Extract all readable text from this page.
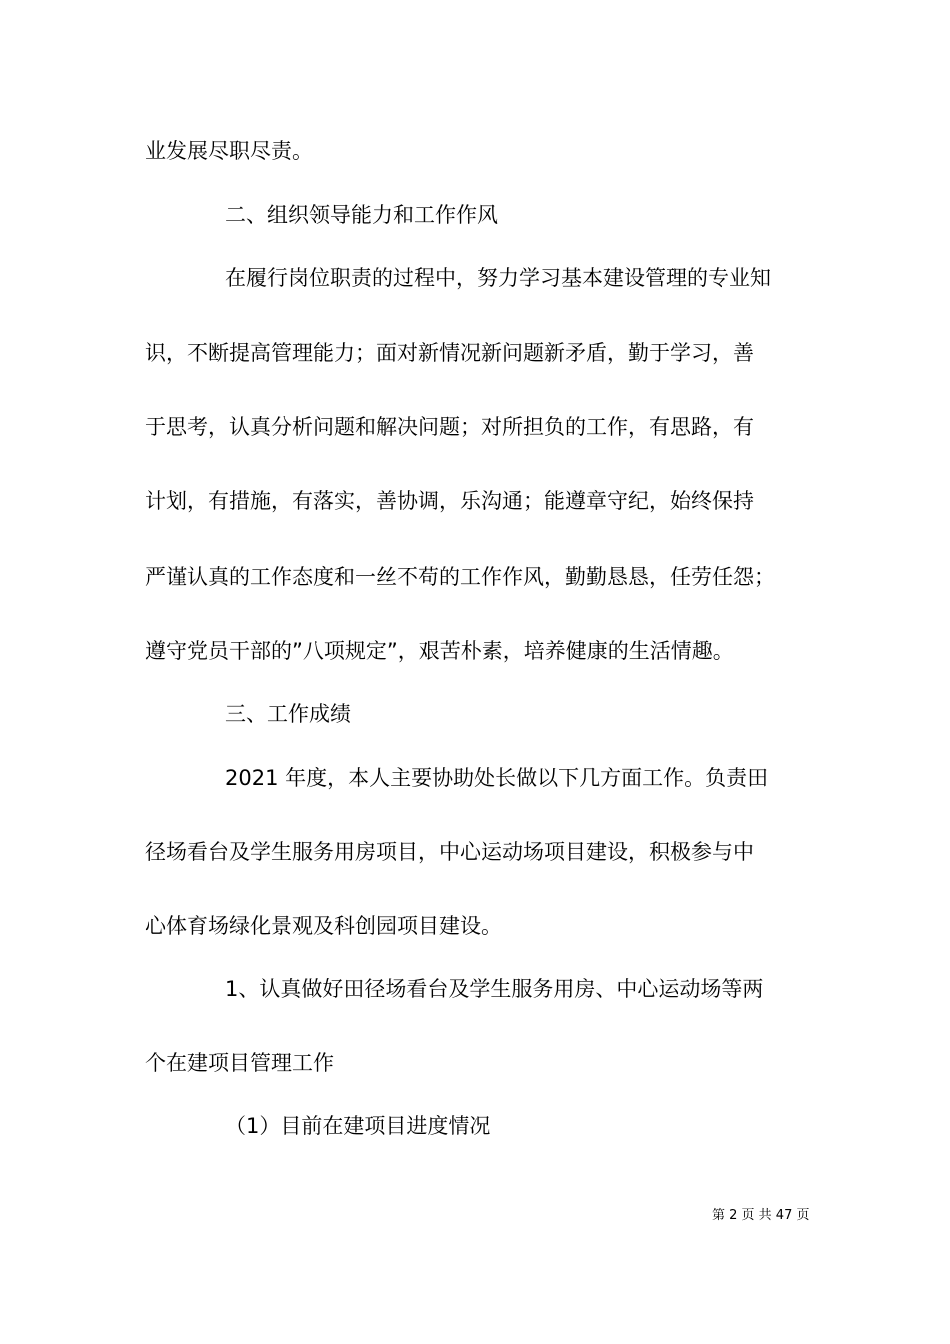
业发展尽职尽责。
二、组织领导能力和工作作风
在履行岗位职责的过程中，努力学习基本建设管理的专业知
识，不断提高管理能力；面对新情况新问题新矛盾，勤于学习，善
于思考，认真分析问题和解决问题；对所担负的工作，有思路，有
计划，有措施，有落实，善协调，乐沟通；能遵章守纪，始终保持
严谨认真的工作态度和一丝不苟的工作作风，勤勤恳恳，任劳任怨；
遵守党员干部的”八项规定”，艰苦朴素，培养健康的生活情趣。
三、工作成绩
2021 年度，本人主要协助处长做以下几方面工作。负责田
径场看台及学生服务用房项目，中心运动场项目建设，积极参与中
心体育场绿化景观及科创园项目建设。
1、认真做好田径场看台及学生服务用房、中心运动场等两
个在建项目管理工作
（1）目前在建项目进度情况
第 2 页 共 47 页
